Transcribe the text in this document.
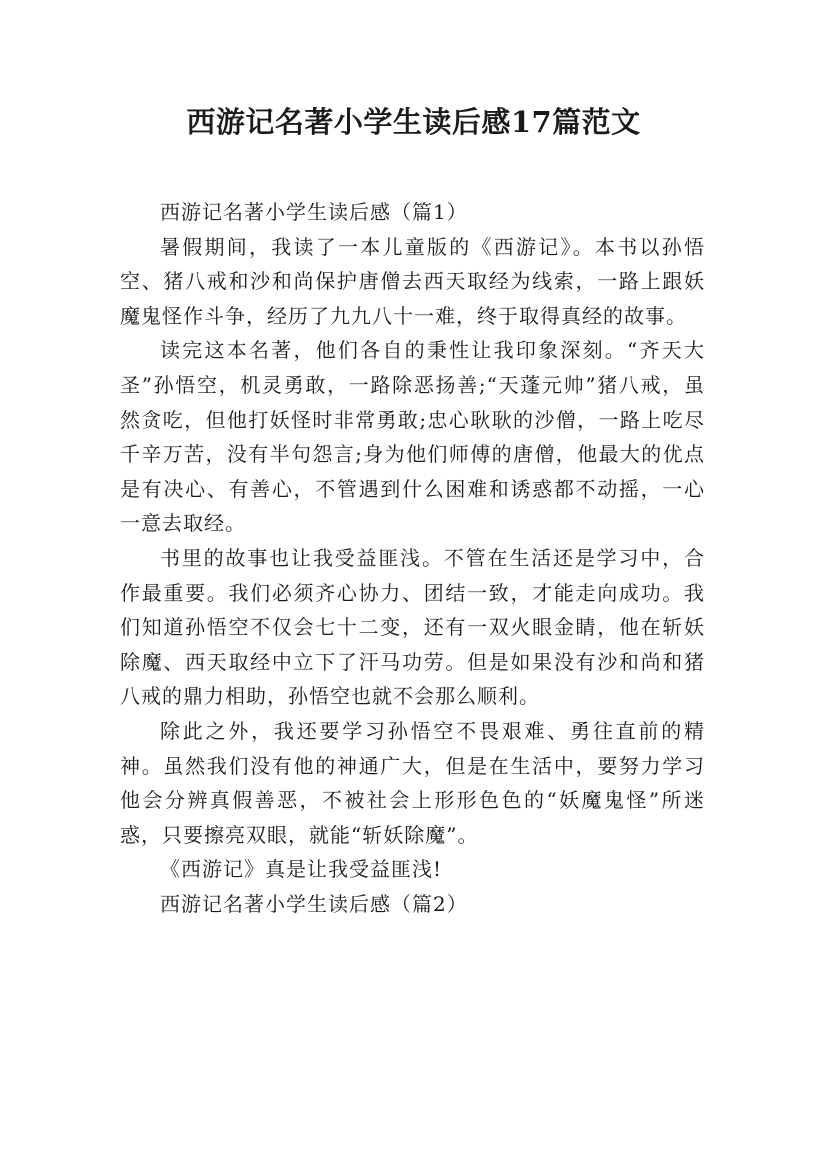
西游记名著小学生读后感17篇范文

西游记名著小学生读后感（篇1）

暑假期间，我读了一本儿童版的《西游记》。本书以孙悟空、猪八戒和沙和尚保护唐僧去西天取经为线索，一路上跟妖魔鬼怪作斗争，经历了九九八十一难，终于取得真经的故事。

读完这本名著，他们各自的秉性让我印象深刻。“齐天大圣”孙悟空，机灵勇敢，一路除恶扬善;“天蓬元帅”猪八戒，虽然贪吃，但他打妖怪时非常勇敢;忠心耿耿的沙僧，一路上吃尽千辛万苦，没有半句怨言;身为他们师傅的唐僧，他最大的优点是有决心、有善心，不管遇到什么困难和诱惑都不动摇，一心一意去取经。

书里的故事也让我受益匪浅。不管在生活还是学习中，合作最重要。我们必须齐心协力、团结一致，才能走向成功。我们知道孙悟空不仅会七十二变，还有一双火眼金睛，他在斩妖除魔、西天取经中立下了汗马功劳。但是如果没有沙和尚和猪八戒的鼎力相助，孙悟空也就不会那么顺利。

除此之外，我还要学习孙悟空不畏艰难、勇往直前的精神。虽然我们没有他的神通广大，但是在生活中，要努力学习他会分辨真假善恶，不被社会上形形色色的“妖魔鬼怪”所迷惑，只要擦亮双眼，就能“斩妖除魔”。

《西游记》真是让我受益匪浅!

西游记名著小学生读后感（篇2）
